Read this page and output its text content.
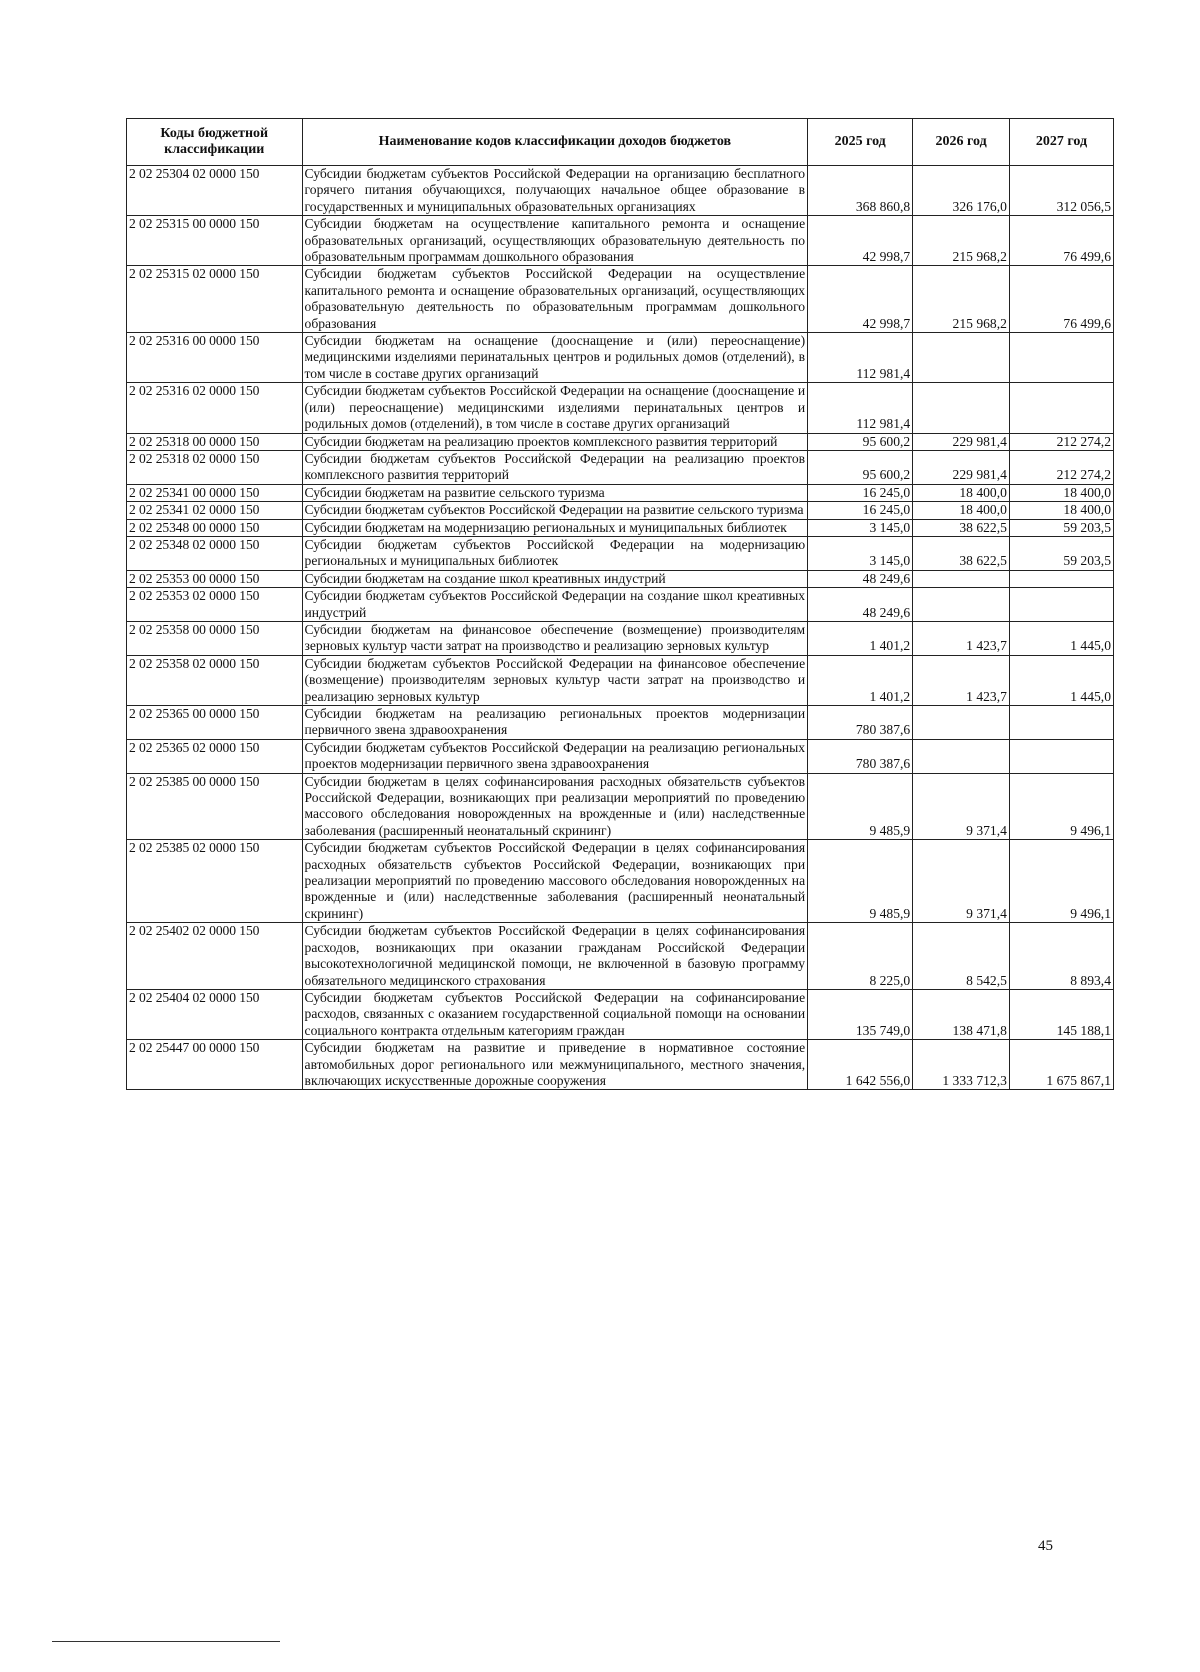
Коды бюджетной классификации	Наименование кодов классификации доходов бюджетов	2025 год	2026 год	2027 год
2 02 25304 02 0000 150	Субсидии бюджетам субъектов Российской Федерации на организацию бесплатного горячего питания обучающихся, получающих начальное общее образование в государственных и муниципальных образовательных организациях	368 860,8	326 176,0	312 056,5
2 02 25315 00 0000 150	Субсидии бюджетам на осуществление капитального ремонта и оснащение образовательных организаций, осуществляющих образовательную деятельность по образовательным программам дошкольного образования	42 998,7	215 968,2	76 499,6
2 02 25315 02 0000 150	Субсидии бюджетам субъектов Российской Федерации на осуществление капитального ремонта и оснащение образовательных организаций, осуществляющих образовательную деятельность по образовательным программам дошкольного образования	42 998,7	215 968,2	76 499,6
2 02 25316 00 0000 150	Субсидии бюджетам на оснащение (дооснащение и (или) переоснащение) медицинскими изделиями перинатальных центров и родильных домов (отделений), в том числе в составе других организаций	112 981,4		
2 02 25316 02 0000 150	Субсидии бюджетам субъектов Российской Федерации на оснащение (дооснащение и (или) переоснащение) медицинскими изделиями перинатальных центров и родильных домов (отделений), в том числе в составе других организаций	112 981,4		
2 02 25318 00 0000 150	Субсидии бюджетам на реализацию проектов комплексного развития территорий	95 600,2	229 981,4	212 274,2
2 02 25318 02 0000 150	Субсидии бюджетам субъектов Российской Федерации на реализацию проектов комплексного развития территорий	95 600,2	229 981,4	212 274,2
2 02 25341 00 0000 150	Субсидии бюджетам на развитие сельского туризма	16 245,0	18 400,0	18 400,0
2 02 25341 02 0000 150	Субсидии бюджетам субъектов Российской Федерации на развитие сельского туризма	16 245,0	18 400,0	18 400,0
2 02 25348 00 0000 150	Субсидии бюджетам на модернизацию региональных и муниципальных библиотек	3 145,0	38 622,5	59 203,5
2 02 25348 02 0000 150	Субсидии бюджетам субъектов Российской Федерации на модернизацию региональных и муниципальных библиотек	3 145,0	38 622,5	59 203,5
2 02 25353 00 0000 150	Субсидии бюджетам на создание школ креативных индустрий	48 249,6		
2 02 25353 02 0000 150	Субсидии бюджетам субъектов Российской Федерации на создание школ креативных индустрий	48 249,6		
2 02 25358 00 0000 150	Субсидии бюджетам на финансовое обеспечение (возмещение) производителям зерновых культур части затрат на производство и реализацию зерновых культур	1 401,2	1 423,7	1 445,0
2 02 25358 02 0000 150	Субсидии бюджетам субъектов Российской Федерации на финансовое обеспечение (возмещение) производителям зерновых культур части затрат на производство и реализацию зерновых культур	1 401,2	1 423,7	1 445,0
2 02 25365 00 0000 150	Субсидии бюджетам на реализацию региональных проектов модернизации первичного звена здравоохранения	780 387,6		
2 02 25365 02 0000 150	Субсидии бюджетам субъектов Российской Федерации на реализацию региональных проектов модернизации первичного звена здравоохранения	780 387,6		
2 02 25385 00 0000 150	Субсидии бюджетам в целях софинансирования расходных обязательств субъектов Российской Федерации, возникающих при реализации мероприятий по проведению массового обследования новорожденных на врожденные и (или) наследственные заболевания (расширенный неонатальный скрининг)	9 485,9	9 371,4	9 496,1
2 02 25385 02 0000 150	Субсидии бюджетам субъектов Российской Федерации в целях софинансирования расходных обязательств субъектов Российской Федерации, возникающих при реализации мероприятий по проведению массового обследования новорожденных на врожденные и (или) наследственные заболевания (расширенный неонатальный скрининг)	9 485,9	9 371,4	9 496,1
2 02 25402 02 0000 150	Субсидии бюджетам субъектов Российской Федерации в целях софинансирования расходов, возникающих при оказании гражданам Российской Федерации высокотехнологичной медицинской помощи, не включенной в базовую программу обязательного медицинского страхования	8 225,0	8 542,5	8 893,4
2 02 25404 02 0000 150	Субсидии бюджетам субъектов Российской Федерации на софинансирование расходов, связанных с оказанием государственной социальной помощи на основании социального контракта отдельным категориям граждан	135 749,0	138 471,8	145 188,1
2 02 25447 00 0000 150	Субсидии бюджетам на развитие и приведение в нормативное состояние автомобильных дорог регионального или межмуниципального, местного значения, включающих искусственные дорожные сооружения	1 642 556,0	1 333 712,3	1 675 867,1
45
